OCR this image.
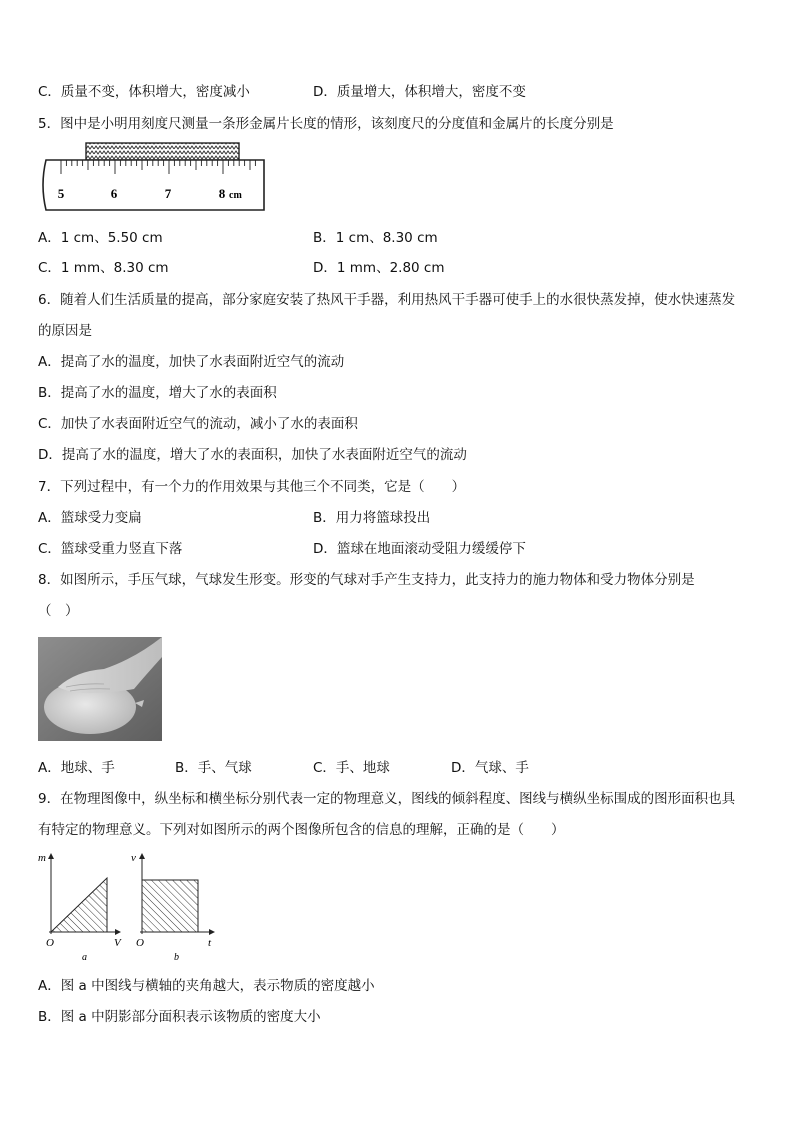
C．质量不变，体积增大，密度减小	D．质量增大，体积增大，密度不变
5．图中是小明用刻度尺测量一条形金属片长度的情形，该刻度尺的分度值和金属片的长度分别是
5	6	7	8 cm
A．1 cm、5.50 cm	B．1 cm、8.30 cm
C．1 mm、8.30 cm	D．1 mm、2.80 cm
6．随着人们生活质量的提高，部分家庭安装了热风干手器，利用热风干手器可使手上的水很快蒸发掉，使水快速蒸发
的原因是
A．提高了水的温度，加快了水表面附近空气的流动
B．提高了水的温度，增大了水的表面积
C．加快了水表面附近空气的流动，减小了水的表面积
D．提高了水的温度，增大了水的表面积，加快了水表面附近空气的流动
7．下列过程中，有一个力的作用效果与其他三个不同类，它是（　　）
A．篮球受力变扁	B．用力将篮球投出
C．篮球受重力竖直下落	D．篮球在地面滚动受阻力缓缓停下
8．如图所示，手压气球，气球发生形变。形变的气球对手产生支持力，此支持力的施力物体和受力物体分别是
（　）
A．地球、手	B．手、气球	C．手、地球	D．气球、手
9．在物理图像中，纵坐标和横坐标分别代表一定的物理意义，图线的倾斜程度、图线与横纵坐标围成的图形面积也具
有特定的物理意义。下列对如图所示的两个图像所包含的信息的理解，正确的是（　　）
m
V
O
a
v
t
O
b
A．图 a 中图线与横轴的夹角越大，表示物质的密度越小
B．图 a 中阴影部分面积表示该物质的密度大小
